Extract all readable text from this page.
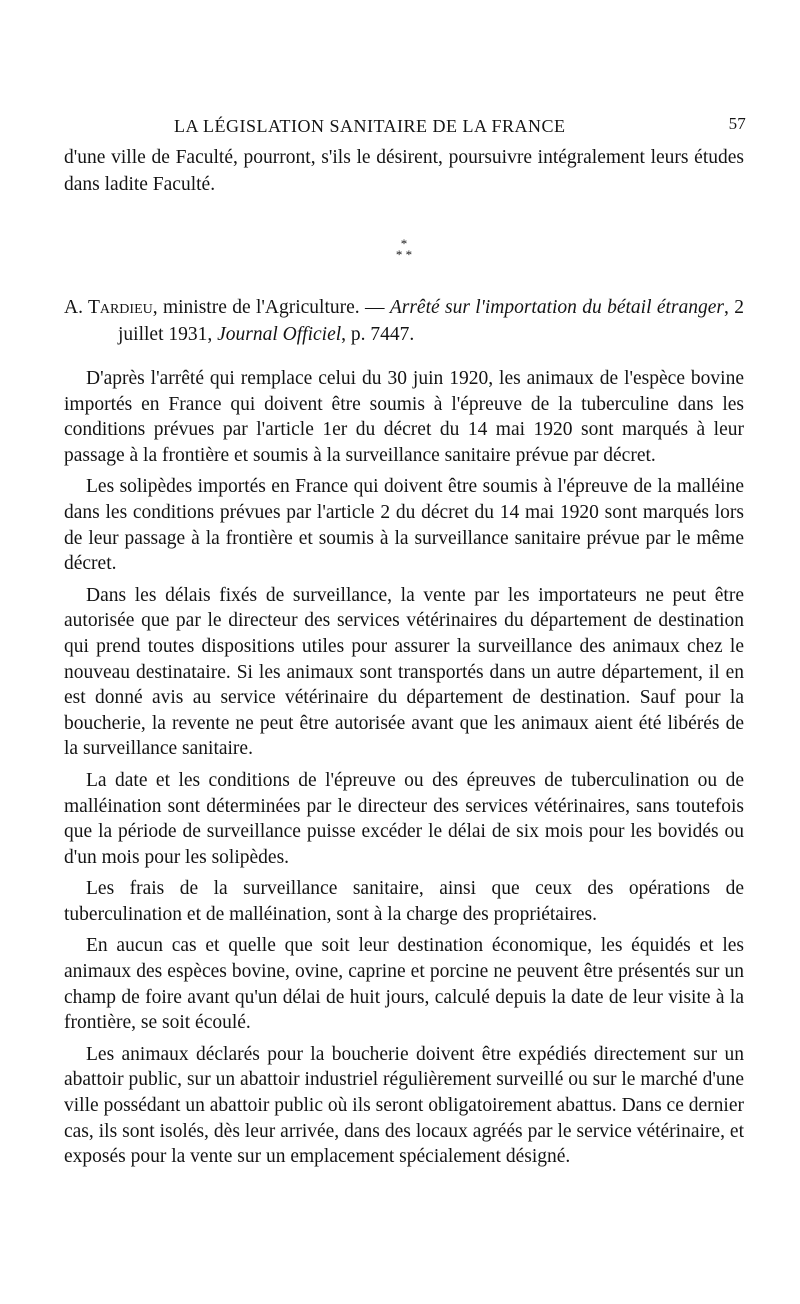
LA LÉGISLATION SANITAIRE DE LA FRANCE	57
d'une ville de Faculté, pourront, s'ils le désirent, poursuivre intégralement leurs études dans ladite Faculté.
*
* *
A. Tardieu, ministre de l'Agriculture. — Arrêté sur l'importation du bétail étranger, 2 juillet 1931, Journal Officiel, p. 7447.

D'après l'arrêté qui remplace celui du 30 juin 1920, les animaux de l'espèce bovine importés en France qui doivent être soumis à l'épreuve de la tuberculine dans les conditions prévues par l'article 1er du décret du 14 mai 1920 sont marqués à leur passage à la frontière et soumis à la surveillance sanitaire prévue par décret.

Les solipèdes importés en France qui doivent être soumis à l'épreuve de la malléine dans les conditions prévues par l'article 2 du décret du 14 mai 1920 sont marqués lors de leur passage à la frontière et soumis à la surveillance sanitaire prévue par le même décret.

Dans les délais fixés de surveillance, la vente par les importateurs ne peut être autorisée que par le directeur des services vétérinaires du département de destination qui prend toutes dispositions utiles pour assurer la surveillance des animaux chez le nouveau destinataire. Si les animaux sont transportés dans un autre département, il en est donné avis au service vétérinaire du département de destination. Sauf pour la boucherie, la revente ne peut être autorisée avant que les animaux aient été libérés de la surveillance sanitaire.

La date et les conditions de l'épreuve ou des épreuves de tuberculination ou de malléination sont déterminées par le directeur des services vétérinaires, sans toutefois que la période de surveillance puisse excéder le délai de six mois pour les bovidés ou d'un mois pour les solipèdes.

Les frais de la surveillance sanitaire, ainsi que ceux des opérations de tuberculination et de malléination, sont à la charge des propriétaires.

En aucun cas et quelle que soit leur destination économique, les équidés et les animaux des espèces bovine, ovine, caprine et porcine ne peuvent être présentés sur un champ de foire avant qu'un délai de huit jours, calculé depuis la date de leur visite à la frontière, se soit écoulé.

Les animaux déclarés pour la boucherie doivent être expédiés directement sur un abattoir public, sur un abattoir industriel régulièrement surveillé ou sur le marché d'une ville possédant un abattoir public où ils seront obligatoirement abattus. Dans ce dernier cas, ils sont isolés, dès leur arrivée, dans des locaux agréés par le service vétérinaire, et exposés pour la vente sur un emplacement spécialement désigné.
